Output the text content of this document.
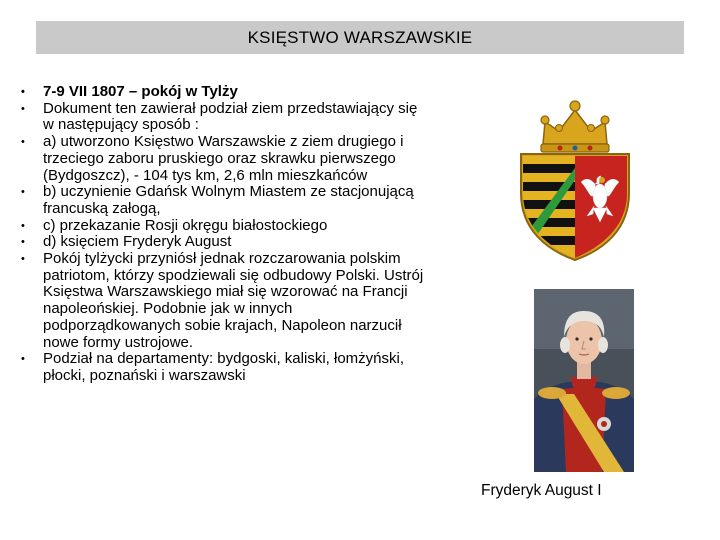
KSIĘSTWO WARSZAWSKIE
• 7-9 VII 1807 – pokój w Tylży
• Dokument ten zawierał podział ziem przedstawiający się w następujący sposób :
• a) utworzono Księstwo Warszawskie z ziem drugiego i trzeciego zaboru pruskiego oraz skrawku pierwszego (Bydgoszcz), - 104 tys km, 2,6 mln mieszkańców
• b) uczynienie Gdańsk Wolnym Miastem ze stacjonującą francuską załogą,
• c) przekazanie Rosji okręgu białostockiego
• d) księciem Fryderyk August
• Pokój tylżycki przyniósł jednak rozczarowania polskim patriotom, którzy spodziewali się odbudowy Polski. Ustrój Księstwa Warszawskiego miał się wzorować na Francji napoleońskiej. Podobnie jak w innych podporządkowanych sobie krajach, Napoleon narzucił nowe formy ustrojowe.
• Podział na departamenty: bydgoski, kaliski, łomżyński, płocki, poznański i warszawski
Fryderyk August I
